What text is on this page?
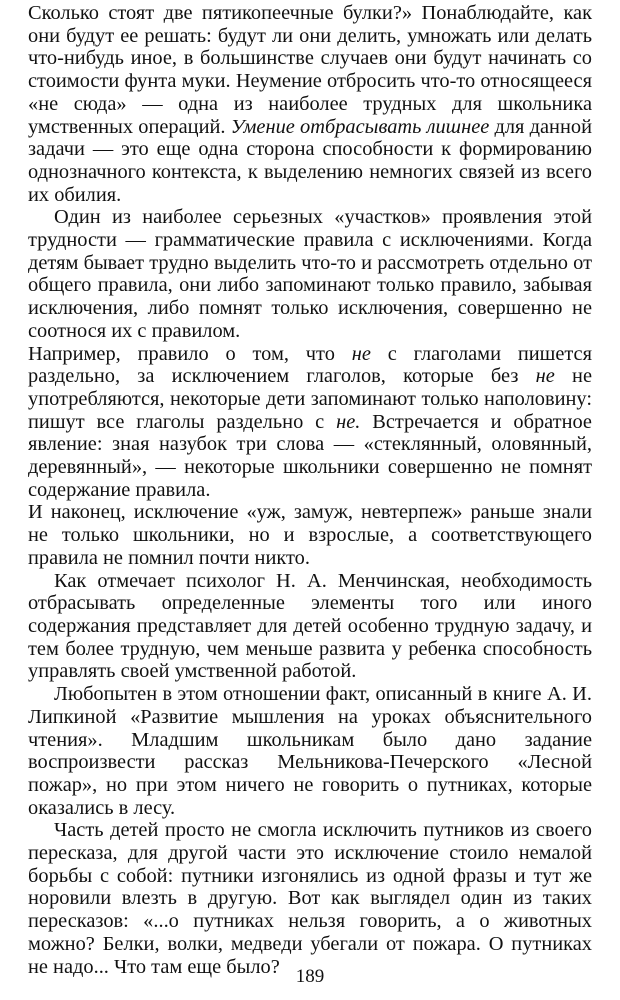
Сколько стоят две пятикопеечные булки?» Понаблюдайте, как они будут ее решать: будут ли они делить, умножать или делать что-нибудь иное, в большинстве случаев они будут начинать со стоимости фунта муки. Неумение отбросить что-то относящееся «не сюда» — одна из наиболее трудных для школьника умственных операций. Умение отбрасывать лишнее для данной задачи — это еще одна сторона способности к формированию однозначного контекста, к выделению немногих связей из всего их обилия.

Один из наиболее серьезных «участков» проявления этой трудности — грамматические правила с исключениями. Когда детям бывает трудно выделить что-то и рассмотреть отдельно от общего правила, они либо запоминают только правило, забывая исключения, либо помнят только исключения, совершенно не соотнося их с правилом.

Например, правило о том, что не с глаголами пишется раздельно, за исключением глаголов, которые без не не употребляются, некоторые дети запоминают только наполовину: пишут все глаголы раздельно с не. Встречается и обратное явление: зная назубок три слова — «стеклянный, оловянный, деревянный», — некоторые школьники совершенно не помнят содержание правила.

И наконец, исключение «уж, замуж, невтерпеж» раньше знали не только школьники, но и взрослые, а соответствующего правила не помнил почти никто.

Как отмечает психолог Н. А. Менчинская, необходимость отбрасывать определенные элементы того или иного содержания представляет для детей особенно трудную задачу, и тем более трудную, чем меньше развита у ребенка способность управлять своей умственной работой.

Любопытен в этом отношении факт, описанный в книге А. И. Липкиной «Развитие мышления на уроках объяснительного чтения». Младшим школьникам было дано задание воспроизвести рассказ Мельникова-Печерского «Лесной пожар», но при этом ничего не говорить о путниках, которые оказались в лесу.

Часть детей просто не смогла исключить путников из своего пересказа, для другой части это исключение стоило немалой борьбы с собой: путники изгонялись из одной фразы и тут же норовили влезть в другую. Вот как выглядел один из таких пересказов: «...о путниках нельзя говорить, а о животных можно? Белки, волки, медведи убегали от пожара. О путниках не надо... Что там еще было? 189
